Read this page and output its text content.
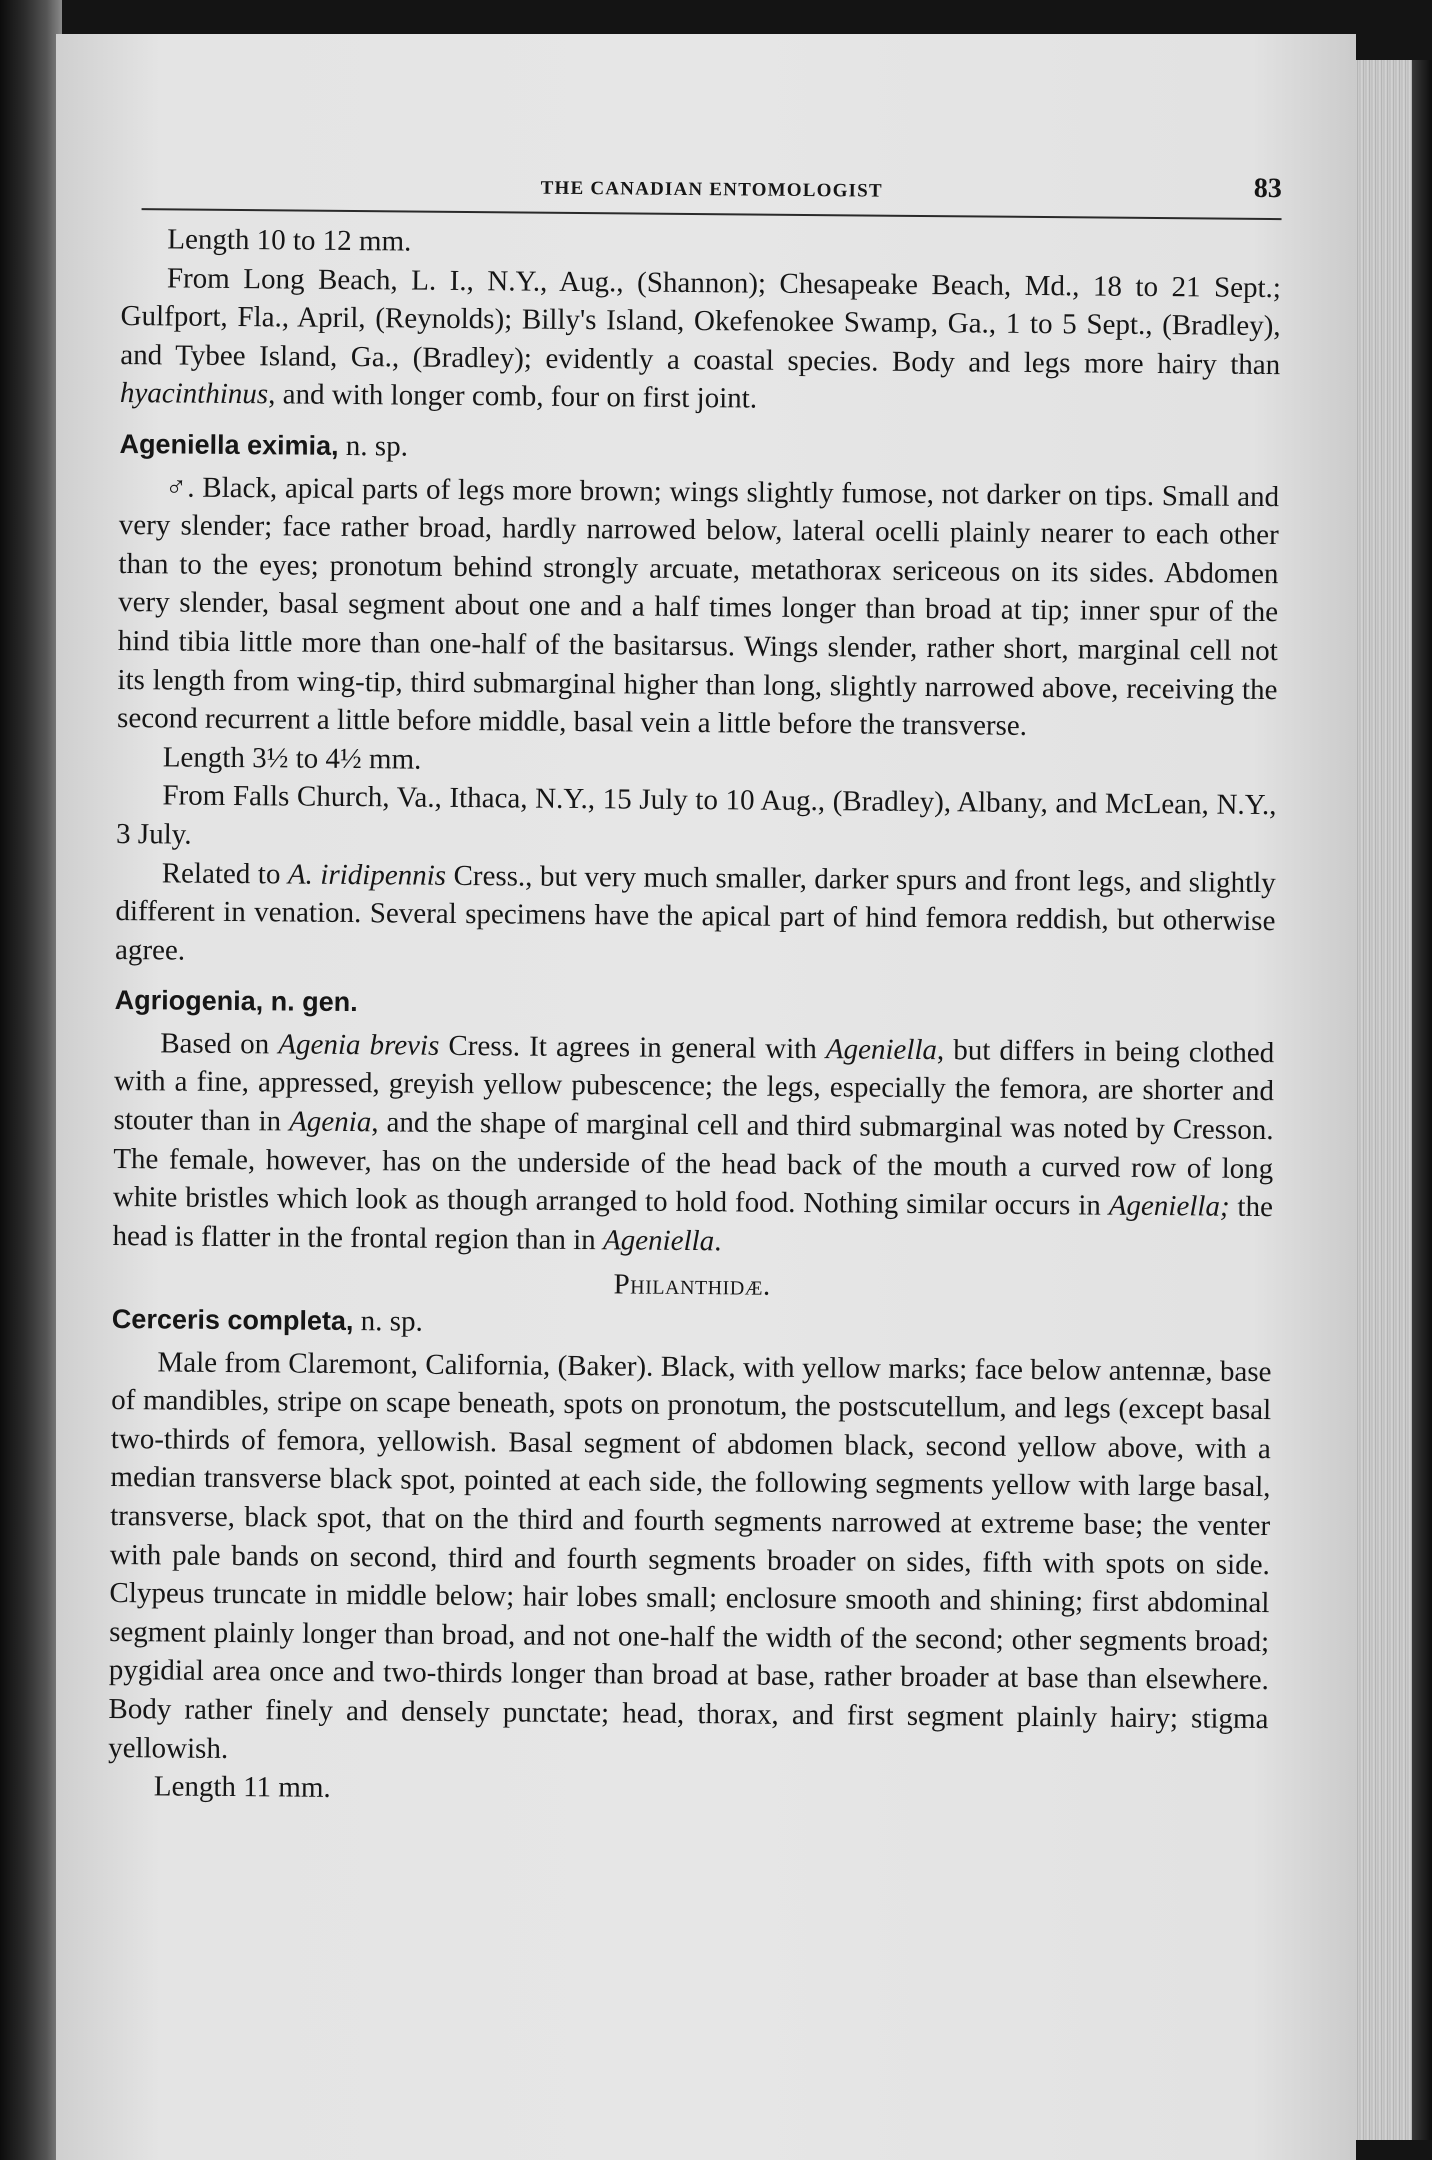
THE CANADIAN ENTOMOLOGIST	83

Length 10 to 12 mm.

From Long Beach, L. I., N.Y., Aug., (Shannon); Chesapeake Beach, Md., 18 to 21 Sept.; Gulfport, Fla., April, (Reynolds); Billy's Island, Okefenokee Swamp, Ga., 1 to 5 Sept., (Bradley), and Tybee Island, Ga., (Bradley); evidently a coastal species. Body and legs more hairy than hyacinthinus, and with longer comb, four on first joint.

Ageniella eximia, n. sp.

♂. Black, apical parts of legs more brown; wings slightly fumose, not darker on tips. Small and very slender; face rather broad, hardly narrowed below, lateral ocelli plainly nearer to each other than to the eyes; pronotum behind strongly arcuate, metathorax sericeous on its sides. Abdomen very slender, basal segment about one and a half times longer than broad at tip; inner spur of the hind tibia little more than one-half of the basitarsus. Wings slender, rather short, marginal cell not its length from wing-tip, third submarginal higher than long, slightly narrowed above, receiving the second recurrent a little before middle, basal vein a little before the transverse.

Length 3½ to 4½ mm.

From Falls Church, Va., Ithaca, N.Y., 15 July to 10 Aug., (Bradley), Albany, and McLean, N.Y., 3 July.

Related to A. iridipennis Cress., but very much smaller, darker spurs and front legs, and slightly different in venation. Several specimens have the apical part of hind femora reddish, but otherwise agree.

Agriogenia, n. gen.

Based on Agenia brevis Cress. It agrees in general with Ageniella, but differs in being clothed with a fine, appressed, greyish yellow pubescence; the legs, especially the femora, are shorter and stouter than in Agenia, and the shape of marginal cell and third submarginal was noted by Cresson. The female, however, has on the underside of the head back of the mouth a curved row of long white bristles which look as though arranged to hold food. Nothing similar occurs in Ageniella; the head is flatter in the frontal region than in Ageniella.

Philanthidæ.

Cerceris completa, n. sp.

Male from Claremont, California, (Baker). Black, with yellow marks; face below antennæ, base of mandibles, stripe on scape beneath, spots on pronotum, the postscutellum, and legs (except basal two-thirds of femora, yellowish. Basal segment of abdomen black, second yellow above, with a median transverse black spot, pointed at each side, the following segments yellow with large basal, transverse, black spot, that on the third and fourth segments narrowed at extreme base; the venter with pale bands on second, third and fourth segments broader on sides, fifth with spots on side. Clypeus truncate in middle below; hair lobes small; enclosure smooth and shining; first abdominal segment plainly longer than broad, and not one-half the width of the second; other segments broad; pygidial area once and two-thirds longer than broad at base, rather broader at base than elsewhere. Body rather finely and densely punctate; head, thorax, and first segment plainly hairy; stigma yellowish.

Length 11 mm.
